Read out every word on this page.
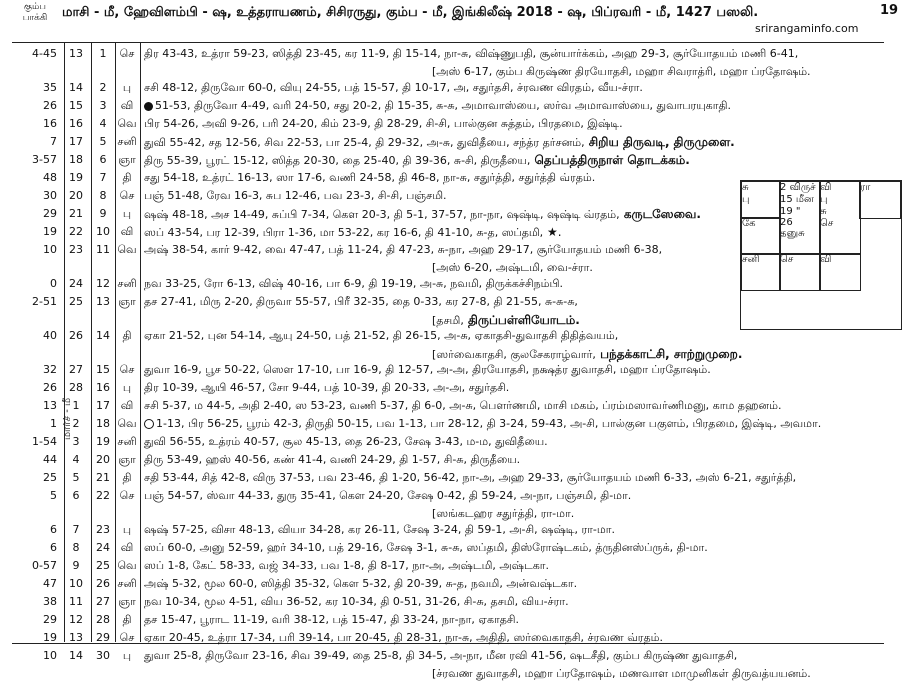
கும்ப
பாக்கி	மாசி - மீ, ஹேவிளம்பி - ஷ, உத்தராயணம், சிசிரருது, கும்ப - மீ, இங்கிலீஷ் 2018 - ஷ, பிப்ரவரி - மீ, 1427 பஸலி.	19
srirangaminfo.com
மார்ச் - மீ
4-45	13	1	செ திர 43-43, உத்ரா 59-23, ஸித்தி 23-45, கர 11-9, தி 15-14, நா-சு, விஷ்ணுபதி, சூன்யார்க்கம், அஹ 29-3, சூர்யோதயம் மணி 6-41,
[அஸ் 6-17, கும்ப கிருஷ்ண திரயோதசி, மஹா சிவராத்ரி, மஹா ப்ரதோஷம்.
35	14	2	பு	சசி 48-12, திருவோ 60-0, வியு 24-55, பத் 15-57, தி 10-17, அ, சதுர்தசி, ச்ரவண விரதம், வீய-ச்ரா.
26	15	3	வி	51-53, திருவோ 4-49, வரி 24-50, சது 20-2, தி 15-35, சு-சு, அமாவாஸ்யை, ஸர்வ அமாவாஸ்யை, துவாபரயுகாதி.
16	16	4 வெ பிர 54-26, அவி 9-26, பரி 24-20, கிம் 23-9, தி 28-29, சி-சி, பால்குன சுத்தம், பிரதமை, இஷ்டி.
7	17	5 சனி துவி 55-42, சத 12-56, சிவ 22-53, பா 25-4, தி 29-32, அ-சு, துவிதீயை, சந்த்ர தர்சனம், சிறிய திருவடி, திருமுளை.
3-57	18	6	ஞா திரு 55-39, பூரட் 15-12, ஸித்த 20-30, தை 25-40, தி 39-36, சு-சி, திருதீயை, தெப்பத்திருநாள் தொடக்கம்.
48	19	7	தி	சது 54-18, உத்ரட் 16-13, ஸா 17-6, வணி 24-58, தி 46-8, நா-சு, சதுர்த்தி, சதுர்த்தி வ்ரதம்.
30	20	8	செ பஞ் 51-48, ரேவ 16-3, சுப 12-46, பவ 23-3, சி-சி, பஞ்சமி.
29	21	9	பு	ஷஷ் 48-18, அச 14-49, சுப்பி 7-34, கௌ 20-3, தி 5-1, 37-57, நா-நா, ஷஷ்டி, ஷஷ்டி வ்ரதம், கருடஸேவை.
19	22	10 வி ஸப் 43-54, பர 12-39, பிரா 1-36, மா 53-22, கர 16-6, தி 41-10, சு-த, ஸப்தமி, ★.
10	23	11 வெ அஷ் 38-54, கார் 9-42, வை 47-47, பத் 11-24, தி 47-23, சு-நா, அஹ 29-17, சூர்யோதயம் மணி 6-38,
[அஸ் 6-20, அஷ்டமி, வை-ச்ரா.
0	24	12 சனி நவ 33-25, ரோ 6-13, விஷ் 40-16, பா 6-9, தி 19-19, அ-சு, நவமி, திருக்கச்சிநம்பி.
2-51	25	13 ஞா தச 27-41, மிரு 2-20, திருவா 55-57, பிரீ 32-35, தை 0-33, கர 27-8, தி 21-55, சு-சு-சு,
[தசமி, திருப்பள்ளியோடம்.
40	26	14	தி	ஏகா 21-52, புன 54-14, ஆயு 24-50, பத் 21-52, தி 26-15, அ-சு, ஏகாதசி-துவாதசி திதித்வயம்,
[ஸர்வைகாதசி, குலசேகராழ்வார், பந்தக்காட்சி, சாற்றுமுறை.
32	27	15 செ துவா 16-9, பூச 50-22, ஸௌ 17-10, பா 16-9, தி 12-57, அ-அ, திரயோதசி, நக்ஷத்ர துவாதசி, மஹா ப்ரதோஷம்.
26	28	16	பு	திர 10-39, ஆயி 46-57, சோ 9-44, பத் 10-39, தி 20-33, அ-அ, சதுர்தசி.
13	1	17 வி சசி 5-37, ம 44-5, அதி 2-40, ஸ 53-23, வணி 5-37, தி 6-0, அ-சு, பௌர்ணமி, மாசி மகம், ப்ரம்மஸாவர்ணிமனு, காம தஹனம்.
1	2	18 வெ	1-13, பிர 56-25, பூரம் 42-3, திருதி 50-15, பவ 1-13, பா 28-12, தி 3-24, 59-43, அ-சி, பால்குன பகுளம், பிரதமை, இஷ்டி, அவமா.
1-54	3	19 சனி துவி 56-55, உத்ரம் 40-57, சூல 45-13, தை 26-23, சேஷ 3-43, ம-ம, துவிதீயை.
44	4	20 ஞா திரு 53-49, ஹஸ் 40-56, கண் 41-4, வணி 24-29, தி 1-57, சி-சு, திருதீயை.
25	5	21	தி	சதி 53-44, சித் 42-8, விரு 37-53, பவ 23-46, தி 1-20, 56-42, நா-அ, அஹ 29-33, சூர்யோதயம் மணி 6-33, அஸ் 6-21, சதுர்த்தி,
5	6	22 செ பஞ் 54-57, ஸ்வா 44-33, துரு 35-41, கௌ 24-20, சேஷ 0-42, தி 59-24, அ-நா, பஞ்சமி, தி-மா.
[ஸங்கடஹர சதுர்த்தி, ரா-மா.
6	7	23	பு	ஷஷ் 57-25, விசா 48-13, வியா 34-28, கர 26-11, சேஷ 3-24, தி 59-1, அ-சி, ஷஷ்டி, ரா-மா.
6	8	24 வி ஸப் 60-0, அனு 52-59, ஹர் 34-10, பத் 29-16, சேஷ 3-1, சு-சு, ஸப்தமி, திஸ்ரோஷ்டகம், த்ருதினஸ்ப்ருக், தி-மா.
0-57	9	25 வெ ஸப் 1-8, கேட் 58-33, வஜ் 34-33, பவ 1-8, தி 8-17, நா-அ, அஷ்டமி, அஷ்டகா.
47	10	26 சனி அஷ் 5-32, மூல 60-0, ஸித்தி 35-32, கௌ 5-32, தி 20-39, சு-த, நவமி, அன்வஷ்டகா.
38	11	27 ஞா நவ 10-34, மூல 4-51, விய 36-52, கர 10-34, தி 0-51, 31-26, சி-சு, தசமி, விய-ச்ரா.
29	12	28	தி	தச 15-47, பூராட 11-19, வரி 38-12, பத் 15-47, தி 33-24, நா-நா, ஏகாதசி.
19	13	29 செ ஏகா 20-45, உத்ரா 17-34, பரி 39-14, பா 20-45, தி 28-31, நா-சு, அதிதி, ஸர்வைகாதசி, ச்ரவண வ்ரதம்.
10	14	30	பு	துவா 25-8, திருவோ 23-16, சிவ 39-49, தை 25-8, தி 34-5, அ-நா, மீன ரவி 41-56, ஷடசீதி, கும்ப கிருஷ்ண துவாதசி,
[ச்ரவண துவாதசி, மஹா ப்ரதோஷம், மணவாள மாமுனிகள் திருவத்யயனம்.
சு
பு
2 விருச்
15 மீன
19 "
26 தனுசு
வி
பு
சு
செ
ரா
கே
சனி	செ	வி
